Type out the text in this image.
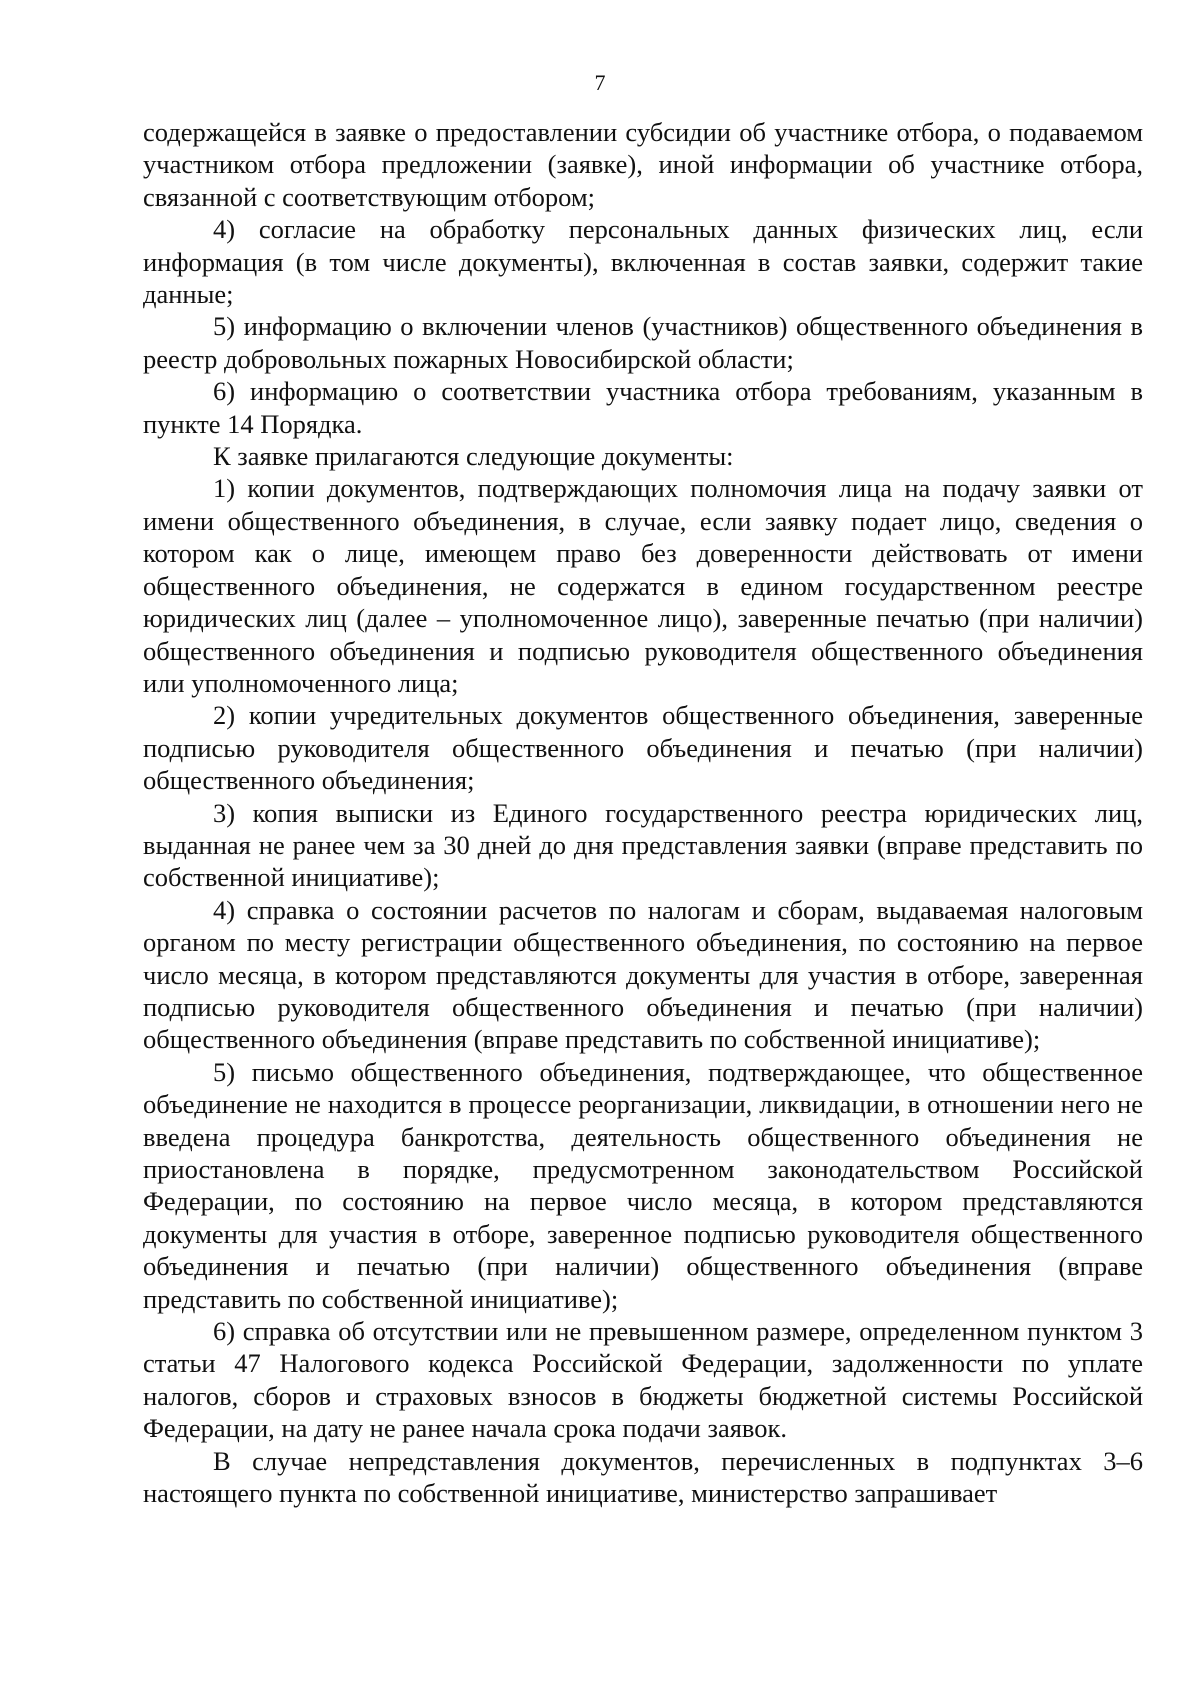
7

содержащейся в заявке о предоставлении субсидии об участнике отбора, о подаваемом участником отбора предложении (заявке), иной информации об участнике отбора, связанной с соответствующим отбором;

4) согласие на обработку персональных данных физических лиц, если информация (в том числе документы), включенная в состав заявки, содержит такие данные;

5) информацию о включении членов (участников) общественного объединения в реестр добровольных пожарных Новосибирской области;

6) информацию о соответствии участника отбора требованиям, указанным в пункте 14 Порядка.

К заявке прилагаются следующие документы:

1) копии документов, подтверждающих полномочия лица на подачу заявки от имени общественного объединения, в случае, если заявку подает лицо, сведения о котором как о лице, имеющем право без доверенности действовать от имени общественного объединения, не содержатся в едином государственном реестре юридических лиц (далее – уполномоченное лицо), заверенные печатью (при наличии) общественного объединения и подписью руководителя общественного объединения или уполномоченного лица;

2) копии учредительных документов общественного объединения, заверенные подписью руководителя общественного объединения и печатью (при наличии) общественного объединения;

3) копия выписки из Единого государственного реестра юридических лиц, выданная не ранее чем за 30 дней до дня представления заявки (вправе представить по собственной инициативе);

4) справка о состоянии расчетов по налогам и сборам, выдаваемая налоговым органом по месту регистрации общественного объединения, по состоянию на первое число месяца, в котором представляются документы для участия в отборе, заверенная подписью руководителя общественного объединения и печатью (при наличии) общественного объединения (вправе представить по собственной инициативе);

5) письмо общественного объединения, подтверждающее, что общественное объединение не находится в процессе реорганизации, ликвидации, в отношении него не введена процедура банкротства, деятельность общественного объединения не приостановлена в порядке, предусмотренном законодательством Российской Федерации, по состоянию на первое число месяца, в котором представляются документы для участия в отборе, заверенное подписью руководителя общественного объединения и печатью (при наличии) общественного объединения (вправе представить по собственной инициативе);

6) справка об отсутствии или не превышенном размере, определенном пунктом 3 статьи 47 Налогового кодекса Российской Федерации, задолженности по уплате налогов, сборов и страховых взносов в бюджеты бюджетной системы Российской Федерации, на дату не ранее начала срока подачи заявок.

В случае непредставления документов, перечисленных в подпунктах 3–6 настоящего пункта по собственной инициативе, министерство запрашивает
